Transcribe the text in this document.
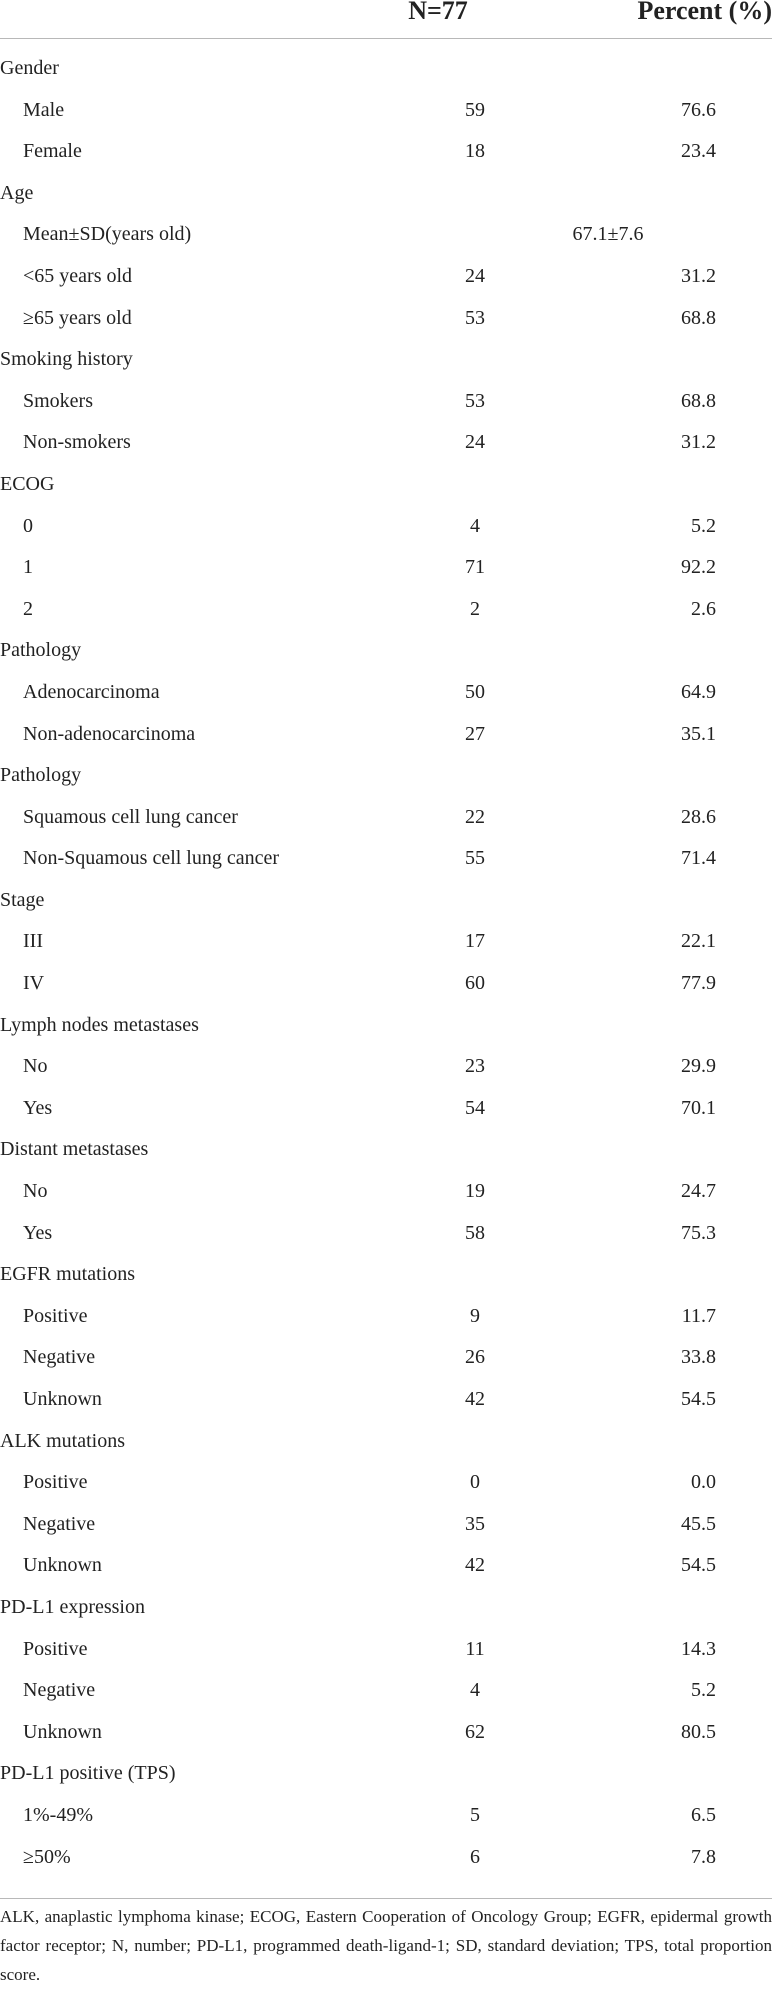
N=77	Percent (%)
Gender
Male	59	76.6
Female	18	23.4
Age
Mean±SD(years old)	67.1±7.6
<65 years old	24	31.2
≥65 years old	53	68.8
Smoking history
Smokers	53	68.8
Non-smokers	24	31.2
ECOG
0	4	5.2
1	71	92.2
2	2	2.6
Pathology
Adenocarcinoma	50	64.9
Non-adenocarcinoma	27	35.1
Pathology
Squamous cell lung cancer	22	28.6
Non-Squamous cell lung cancer	55	71.4
Stage
III	17	22.1
IV	60	77.9
Lymph nodes metastases
No	23	29.9
Yes	54	70.1
Distant metastases
No	19	24.7
Yes	58	75.3
EGFR mutations
Positive	9	11.7
Negative	26	33.8
Unknown	42	54.5
ALK mutations
Positive	0	0.0
Negative	35	45.5
Unknown	42	54.5
PD-L1 expression
Positive	11	14.3
Negative	4	5.2
Unknown	62	80.5
PD-L1 positive (TPS)
1%-49%	5	6.5
≥50%	6	7.8
ALK, anaplastic lymphoma kinase; ECOG, Eastern Cooperation of Oncology Group; EGFR, epidermal growth factor receptor; N, number; PD-L1, programmed death-ligand-1; SD, standard deviation; TPS, total proportion score.
